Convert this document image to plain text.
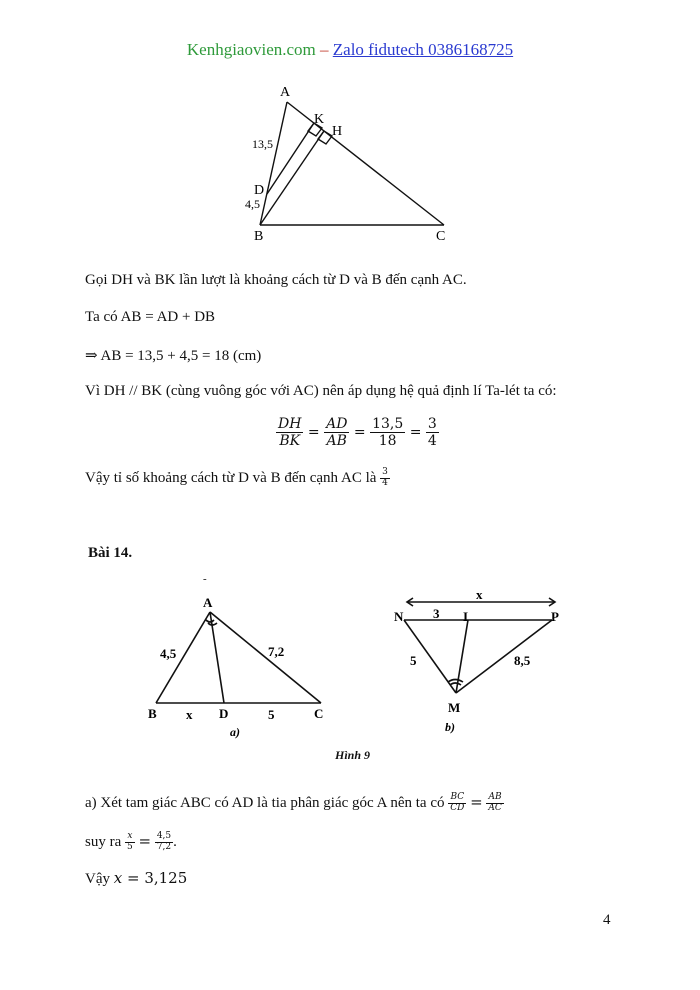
Kenhgiaovien.com – Zalo fidutech 0386168725
A
K
H
D
B	C
13,5
4,5
Gọi DH và BK lần lượt là khoảng cách từ D và B đến cạnh AC.
Ta có AB = AD + DB
⇒ AB = 13,5 + 4,5 = 18 (cm)
Vì DH // BK (cùng vuông góc với AC) nên áp dụng hệ quả định lí Ta-lét ta có:
$\frac{DH}{BK} = \frac{AD}{AB} = \frac{13,5}{18} = \frac{3}{4}$
Vậy tỉ số khoảng cách từ D và B đến cạnh AC là $\frac{3}{4}$
Bài 14.
-
A
B	D	C
4,5	7,2
x	5
a)
x
N	I	P
3
5	8,5
M
b)
Hình 9
a) Xét tam giác ABC có AD là tia phân giác góc A nên ta có $\frac{BC}{CD} = \frac{AB}{AC}$
suy ra $\frac{x}{5} = \frac{4,5}{7,2}$ .
Vậy x = 3,125
4
